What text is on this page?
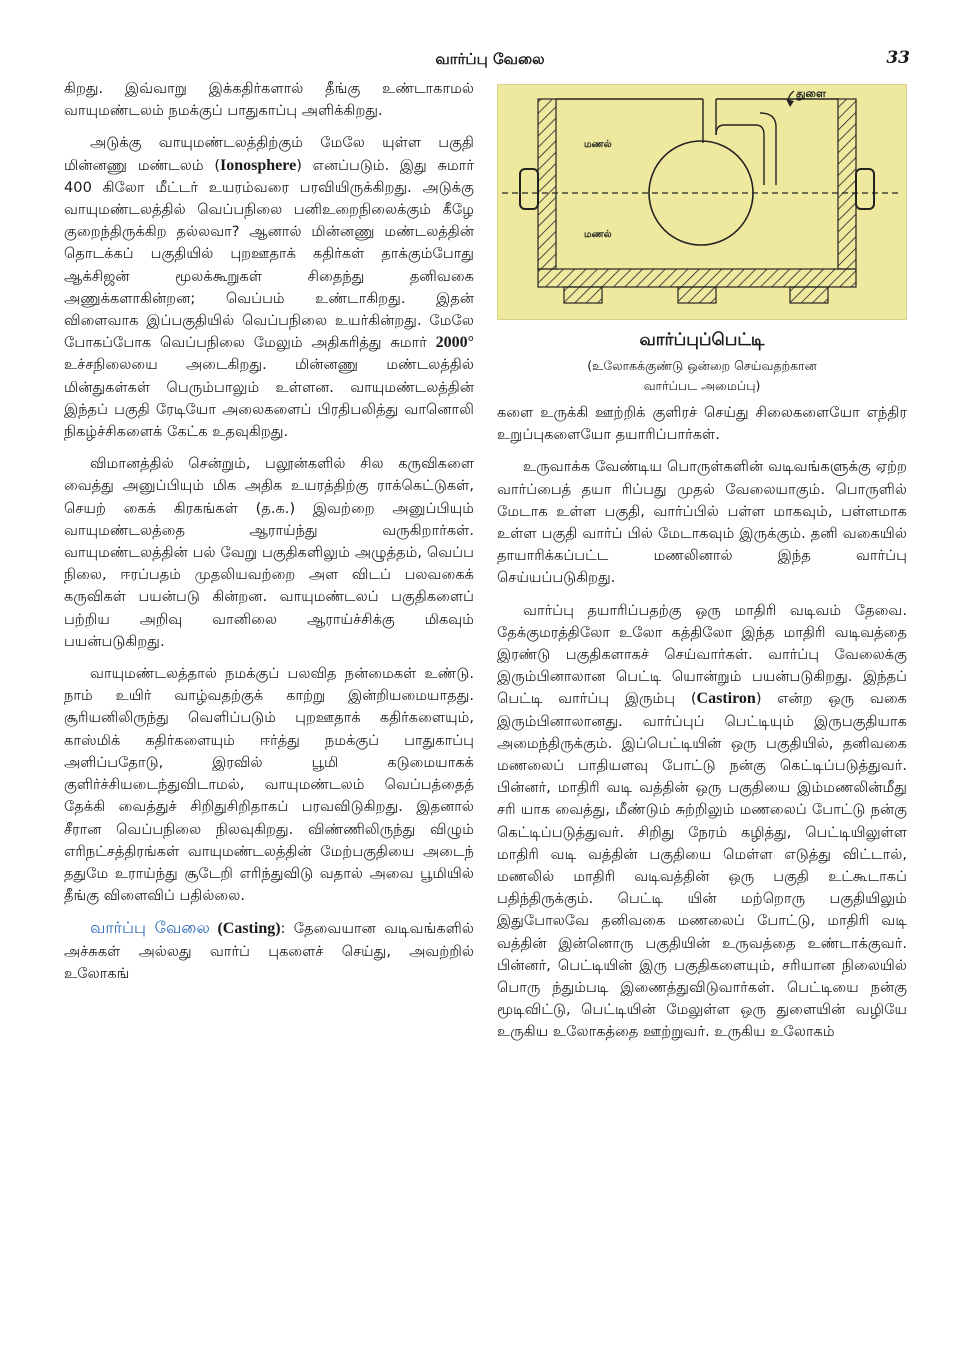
வார்ப்பு வேலை	33

கிறது. இவ்வாறு இக்கதிர்களால் தீங்கு உண்டாகாமல் வாயுமண்டலம் நமக்குப் பாதுகாப்பு அளிக்கிறது.

அடுக்கு வாயுமண்டலத்திற்கும் மேலே யுள்ள பகுதி மின்னணு மண்டலம் (Ionosphere) எனப்படும். இது சுமார் 400 கிலோ மீட்டர் உயரம்வரை பரவியிருக்கிறது. அடுக்கு வாயுமண்டலத்தில் வெப்பநிலை பனிஉறைநிலைக்கும் கீழே குறைந்திருக்கிற தல்லவா? ஆனால் மின்னணு மண்டலத்தின் தொடக்கப் பகுதியில் புறஊதாக் கதிர்கள் தாக்கும்போது ஆக்சிஜன் மூலக்கூறுகள் சிதைந்து தனிவகை அணுக்களாகின்றன; வெப்பம் உண்டாகிறது. இதன் விளைவாக இப்பகுதியில் வெப்பநிலை உயர்கின்றது. மேலே போகப்போக வெப்பநிலை மேலும் அதிகரித்து சுமார் 2000° உச்சநிலையை அடைகிறது. மின்னணு மண்டலத்தில் மின்துகள்கள் பெரும்பாலும் உள்ளன. வாயுமண்டலத்தின் இந்தப் பகுதி ரேடியோ அலைகளைப் பிரதிபலித்து வானொலி நிகழ்ச்சிகளைக் கேட்க உதவுகிறது.

விமானத்தில் சென்றும், பலூன்களில் சில கருவிகளை வைத்து அனுப்பியும் மிக அதிக உயரத்திற்கு ராக்கெட்டுகள், செயற் கைக் கிரகங்கள் (த.க.) இவற்றை அனுப்பியும் வாயுமண்டலத்தை ஆராய்ந்து வருகிறார்கள். வாயுமண்டலத்தின் பல் வேறு பகுதிகளிலும் அழுத்தம், வெப்ப நிலை, ஈரப்பதம் முதலியவற்றை அள விடப் பலவகைக் கருவிகள் பயன்படு கின்றன. வாயுமண்டலப் பகுதிகளைப் பற்றிய அறிவு வானிலை ஆராய்ச்சிக்கு மிகவும் பயன்படுகிறது.

வாயுமண்டலத்தால் நமக்குப் பலவித நன்மைகள் உண்டு. நாம் உயிர் வாழ்வதற்குக் காற்று இன்றியமையாதது. சூரியனிலிருந்து வெளிப்படும் புறஊதாக் கதிர்களையும், காஸ்மிக் கதிர்களையும் ஈர்த்து நமக்குப் பாதுகாப்பு அளிப்பதோடு, இரவில் பூமி கடுமையாகக் குளிர்ச்சியடைந்துவிடாமல், வாயுமண்டலம் வெப்பத்தைத் தேக்கி வைத்துச் சிறிதுசிறிதாகப் பரவவிடுகிறது. இதனால் சீரான வெப்பநிலை நிலவுகிறது. விண்ணிலிருந்து விழும் எரிநட்சத்திரங்கள் வாயுமண்டலத்தின் மேற்பகுதியை அடைந் ததுமே உராய்ந்து சூடேறி எரிந்துவிடு வதால் அவை பூமியில் தீங்கு விளைவிப் பதில்லை.

வார்ப்பு வேலை (Casting): தேவையான வடிவங்களில் அச்சுகள் அல்லது வார்ப் புகளைச் செய்து, அவற்றில் உலோகங்

துளை
மணல்
மணல்
வார்ப்புப்பெட்டி
(உலோகக்குண்டு ஒன்றை செய்வதற்கான
வார்ப்பட அமைப்பு)

களை உருக்கி ஊற்றிக் குளிரச் செய்து சிலைகளையோ எந்திர உறுப்புகளையோ தயாரிப்பார்கள்.

உருவாக்க வேண்டிய பொருள்களின் வடிவங்களுக்கு ஏற்ற வார்ப்பைத் தயா ரிப்பது முதல் வேலையாகும். பொருளில் மேடாக உள்ள பகுதி, வார்ப்பில் பள்ள மாகவும், பள்ளமாக உள்ள பகுதி வார்ப் பில் மேடாகவும் இருக்கும். தனி வகையில் தாயாரிக்கப்பட்ட மணலினால் இந்த வார்ப்பு செய்யப்படுகிறது.

வார்ப்பு தயாரிப்பதற்கு ஒரு மாதிரி வடிவம் தேவை. தேக்குமரத்திலோ உலோ கத்திலோ இந்த மாதிரி வடிவத்தை இரண்டு பகுதிகளாகச் செய்வார்கள். வார்ப்பு வேலைக்கு இரும்பினாலான பெட்டி யொன்றும் பயன்படுகிறது. இந்தப் பெட்டி வார்ப்பு இரும்பு (Castiron) என்ற ஒரு வகை இரும்பினாலானது. வார்ப்புப் பெட்டியும் இருபகுதியாக அமைந்திருக்கும். இப்பெட்டியின் ஒரு பகுதியில், தனிவகை மணலைப் பாதியளவு போட்டு நன்கு கெட்டிப்படுத்துவர். பின்னர், மாதிரி வடி வத்தின் ஒரு பகுதியை இம்மணலின்மீது சரி யாக வைத்து, மீண்டும் சுற்றிலும் மணலைப் போட்டு நன்கு கெட்டிப்படுத்துவர். சிறிது நேரம் கழித்து, பெட்டியிலுள்ள மாதிரி வடி வத்தின் பகுதியை மெள்ள எடுத்து விட்டால், மணலில் மாதிரி வடிவத்தின் ஒரு பகுதி உட்கூடாகப் பதிந்திருக்கும். பெட்டி யின் மற்றொரு பகுதியிலும் இதுபோலவே தனிவகை மணலைப் போட்டு, மாதிரி வடி வத்தின் இன்னொரு பகுதியின் உருவத்தை உண்டாக்குவர். பின்னர், பெட்டியின் இரு பகுதிகளையும், சரியான நிலையில் பொரு ந்தும்படி இணைத்துவிடுவார்கள். பெட்டியை நன்கு மூடிவிட்டு, பெட்டியின் மேலுள்ள ஒரு துளையின் வழியே உருகிய உலோகத்தை ஊற்றுவர். உருகிய உலோகம்
